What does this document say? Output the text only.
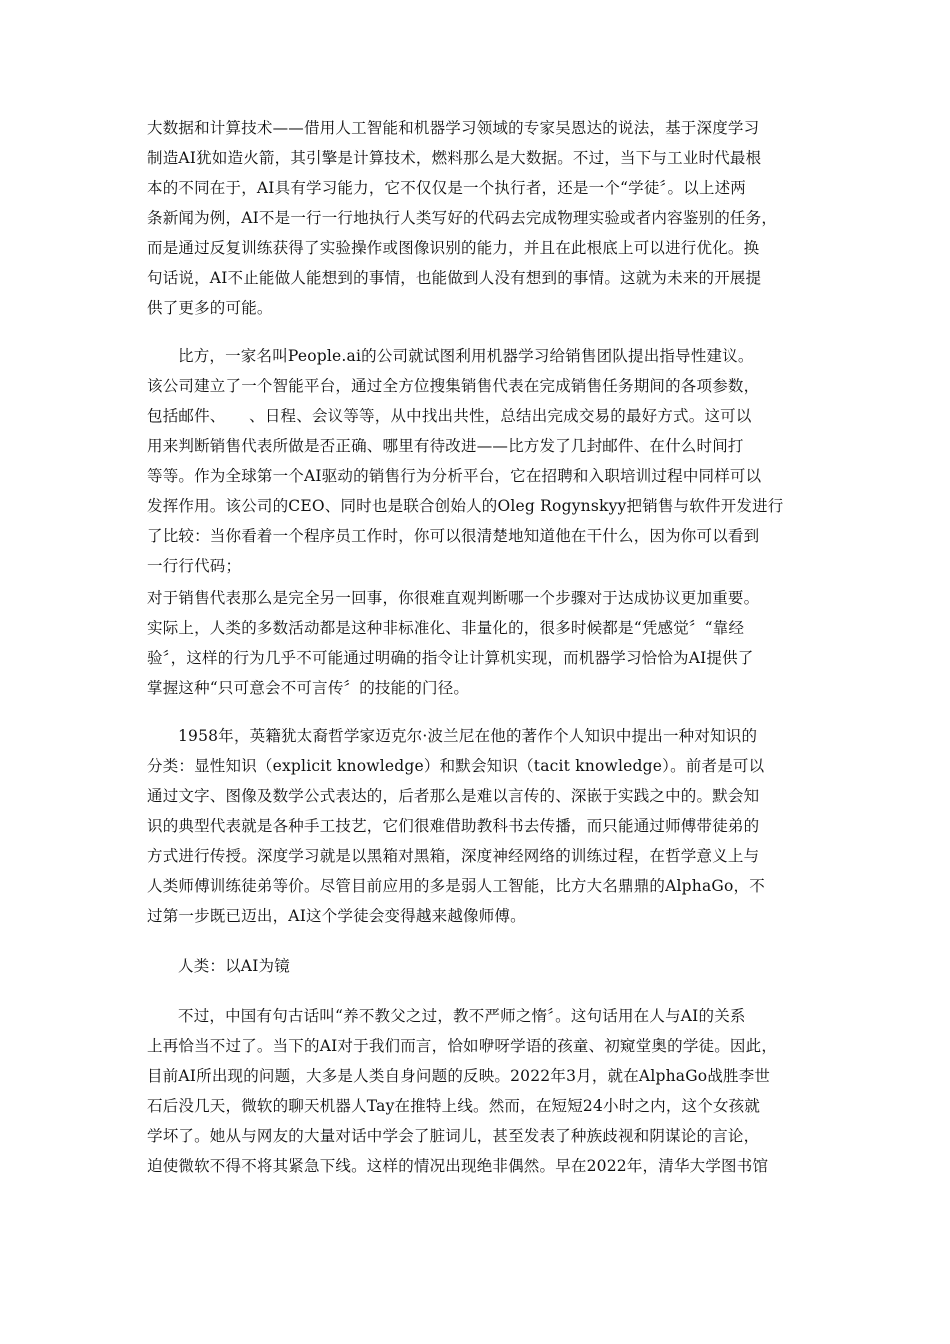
大数据和计算技术——借用人工智能和机器学习领域的专家吴恩达的说法，基于深度学习
制造AI犹如造火箭，其引擎是计算技术，燃料那么是大数据。不过，当下与工业时代最根
本的不同在于，AI具有学习能力，它不仅仅是一个执行者，还是一个“学徒〞。以上述两
条新闻为例，AI不是一行一行地执行人类写好的代码去完成物理实验或者内容鉴别的任务，
而是通过反复训练获得了实验操作或图像识别的能力，并且在此根底上可以进行优化。换
句话说，AI不止能做人能想到的事情，也能做到人没有想到的事情。这就为未来的开展提
供了更多的可能。
比方，一家名叫People.ai的公司就试图利用机器学习给销售团队提出指导性建议。
该公司建立了一个智能平台，通过全方位搜集销售代表在完成销售任务期间的各项参数，
包括邮件、　　、日程、会议等等，从中找出共性，总结出完成交易的最好方式。这可以
用来判断销售代表所做是否正确、哪里有待改进——比方发了几封邮件、在什么时间打
等等。作为全球第一个AI驱动的销售行为分析平台，它在招聘和入职培训过程中同样可以
发挥作用。该公司的CEO、同时也是联合创始人的Oleg Rogynskyy把销售与软件开发进行
了比较：当你看着一个程序员工作时，你可以很清楚地知道他在干什么，因为你可以看到
一行行代码；
对于销售代表那么是完全另一回事，你很难直观判断哪一个步骤对于达成协议更加重要。
实际上，人类的多数活动都是这种非标准化、非量化的，很多时候都是“凭感觉〞“靠经
验〞，这样的行为几乎不可能通过明确的指令让计算机实现，而机器学习恰恰为AI提供了
掌握这种“只可意会不可言传〞的技能的门径。
1958年，英籍犹太裔哲学家迈克尔·波兰尼在他的著作个人知识中提出一种对知识的
分类：显性知识（explicit knowledge）和默会知识（tacit knowledge）。前者是可以
通过文字、图像及数学公式表达的，后者那么是难以言传的、深嵌于实践之中的。默会知
识的典型代表就是各种手工技艺，它们很难借助教科书去传播，而只能通过师傅带徒弟的
方式进行传授。深度学习就是以黑箱对黑箱，深度神经网络的训练过程，在哲学意义上与
人类师傅训练徒弟等价。尽管目前应用的多是弱人工智能，比方大名鼎鼎的AlphaGo，不
过第一步既已迈出，AI这个学徒会变得越来越像师傅。
人类：以AI为镜
不过，中国有句古话叫“养不教父之过，教不严师之惰〞。这句话用在人与AI的关系
上再恰当不过了。当下的AI对于我们而言，恰如咿呀学语的孩童、初窥堂奥的学徒。因此，
目前AI所出现的问题，大多是人类自身问题的反映。2022年3月，就在AlphaGo战胜李世
石后没几天，微软的聊天机器人Tay在推特上线。然而，在短短24小时之内，这个女孩就
学坏了。她从与网友的大量对话中学会了脏词儿，甚至发表了种族歧视和阴谋论的言论，
迫使微软不得不将其紧急下线。这样的情况出现绝非偶然。早在2022年，清华大学图书馆
